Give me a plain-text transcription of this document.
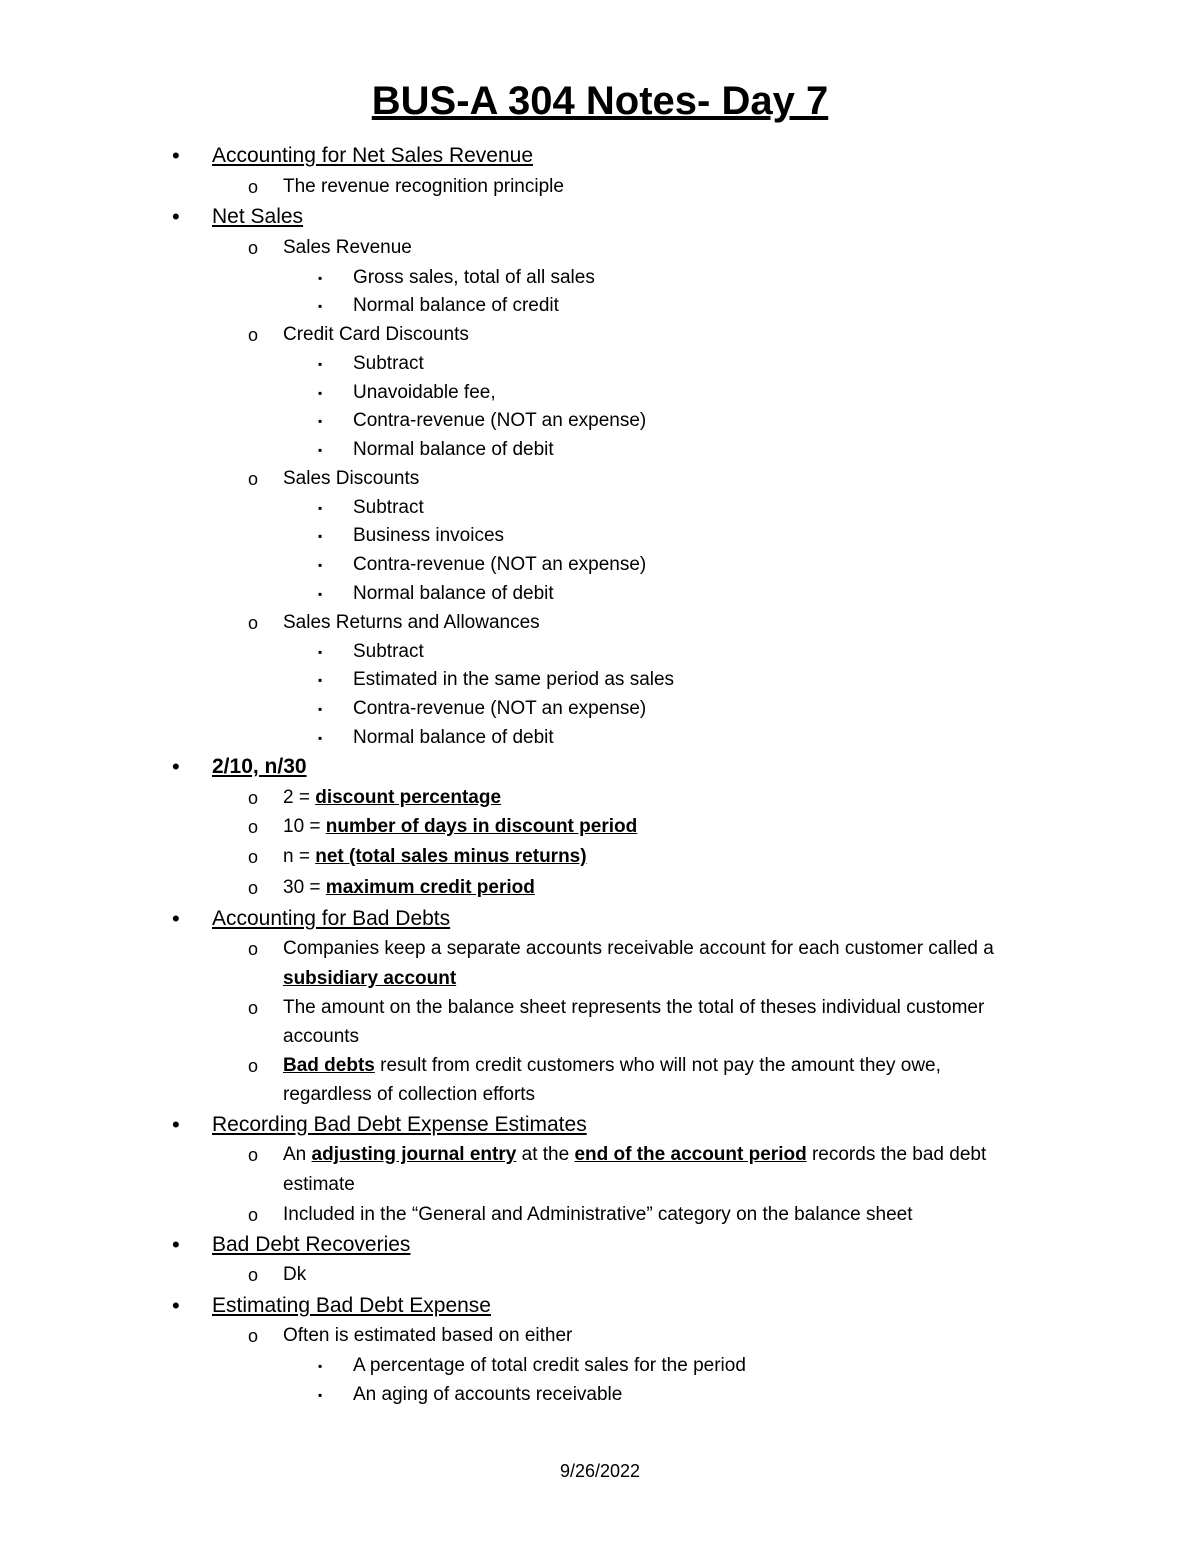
BUS-A 304 Notes- Day 7
• Accounting for Net Sales Revenue
o The revenue recognition principle
• Net Sales
o Sales Revenue
▪ Gross sales, total of all sales
▪ Normal balance of credit
o Credit Card Discounts
▪ Subtract
▪ Unavoidable fee,
▪ Contra-revenue (NOT an expense)
▪ Normal balance of debit
o Sales Discounts
▪ Subtract
▪ Business invoices
▪ Contra-revenue (NOT an expense)
▪ Normal balance of debit
o Sales Returns and Allowances
▪ Subtract
▪ Estimated in the same period as sales
▪ Contra-revenue (NOT an expense)
▪ Normal balance of debit
• 2/10, n/30
o 2 = discount percentage
o 10 = number of days in discount period
o n = net (total sales minus returns)
o 30 = maximum credit period
• Accounting for Bad Debts
o Companies keep a separate accounts receivable account for each customer called a
subsidiary account
o The amount on the balance sheet represents the total of theses individual customer
accounts
o Bad debts result from credit customers who will not pay the amount they owe,
regardless of collection efforts
• Recording Bad Debt Expense Estimates
o An adjusting journal entry at the end of the account period records the bad debt
estimate
o Included in the “General and Administrative” category on the balance sheet
• Bad Debt Recoveries
o Dk
• Estimating Bad Debt Expense
o Often is estimated based on either
▪ A percentage of total credit sales for the period
▪ An aging of accounts receivable
9/26/2022
